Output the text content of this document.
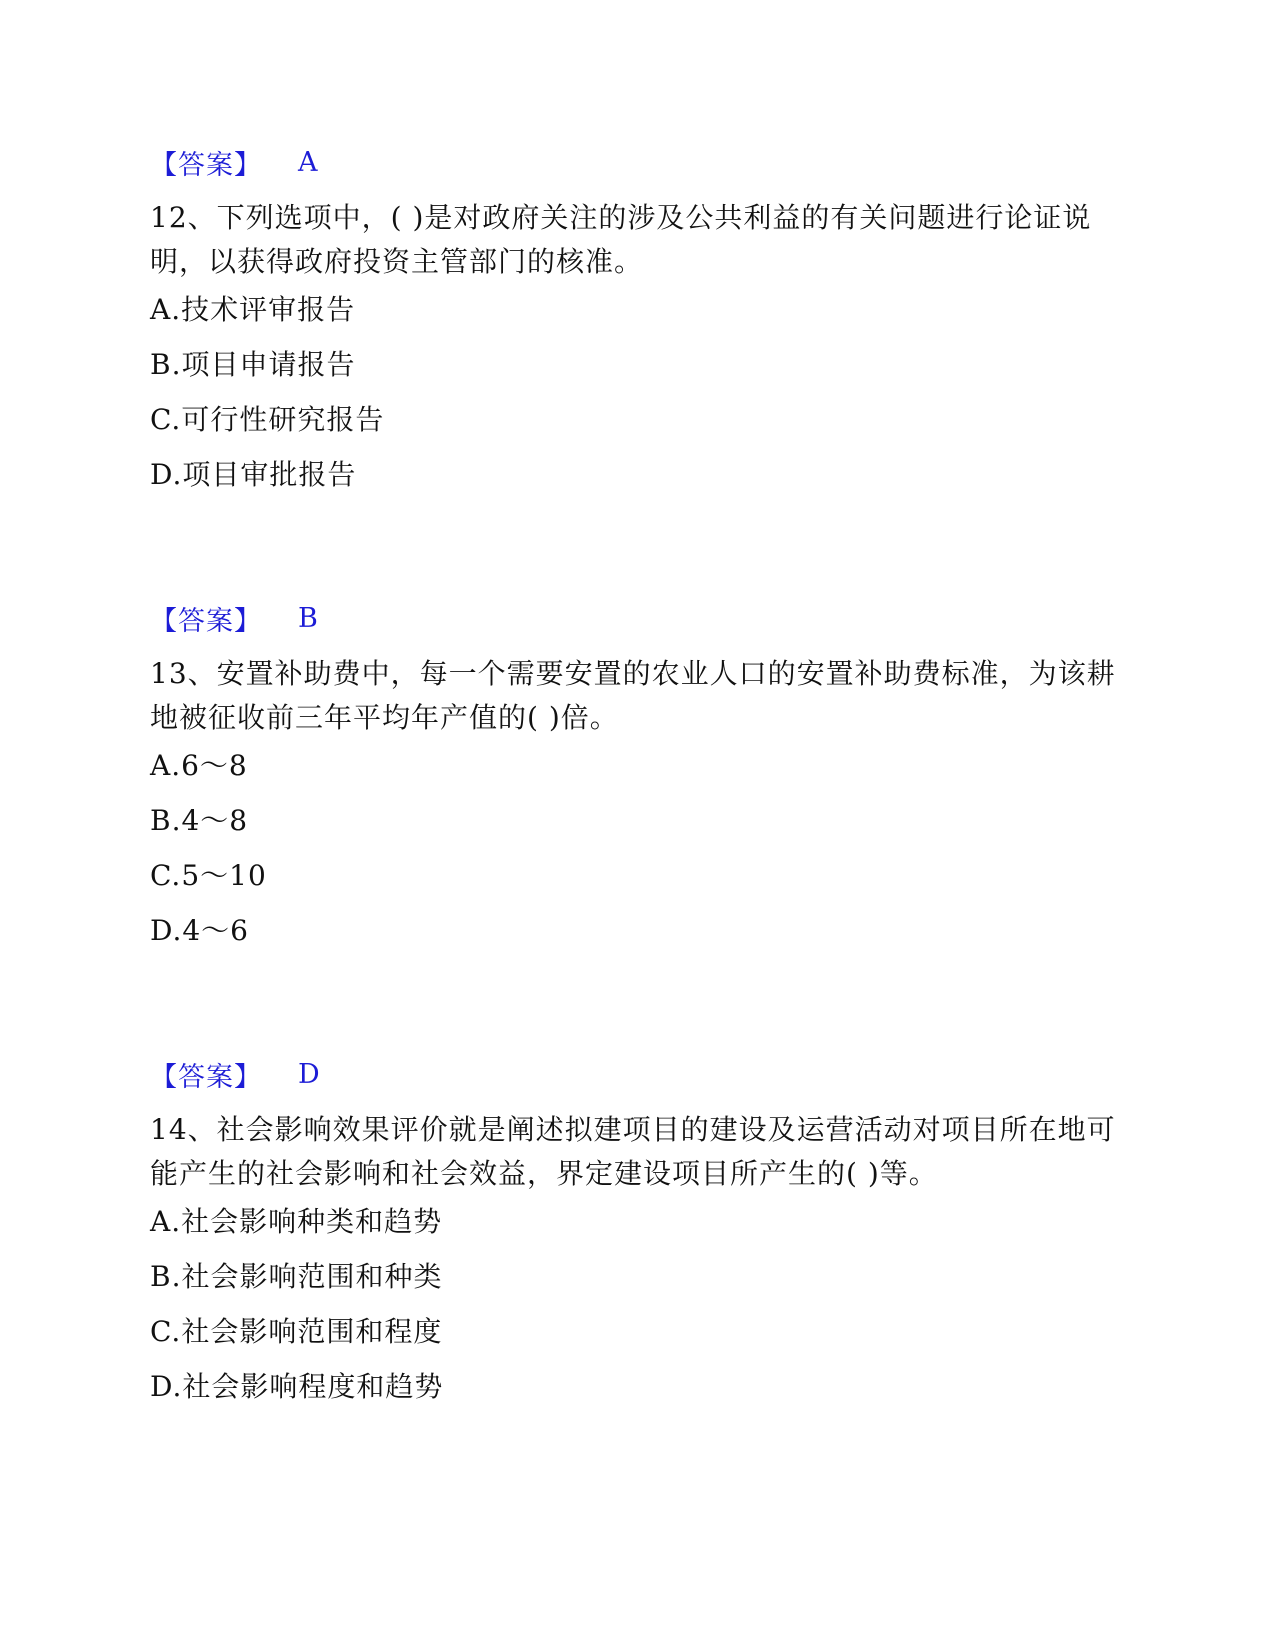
【答案】	A

12、下列选项中，( )是对政府关注的涉及公共利益的有关问题进行论证说
明，以获得政府投资主管部门的核准。

A.技术评审报告

B.项目申请报告

C.可行性研究报告

D.项目审批报告

【答案】	B

13、安置补助费中，每一个需要安置的农业人口的安置补助费标准，为该耕
地被征收前三年平均年产值的( )倍。

A.6～8

B.4～8

C.5～10

D.4～6

【答案】	D

14、社会影响效果评价就是阐述拟建项目的建设及运营活动对项目所在地可
能产生的社会影响和社会效益，界定建设项目所产生的( )等。

A.社会影响种类和趋势

B.社会影响范围和种类

C.社会影响范围和程度

D.社会影响程度和趋势
